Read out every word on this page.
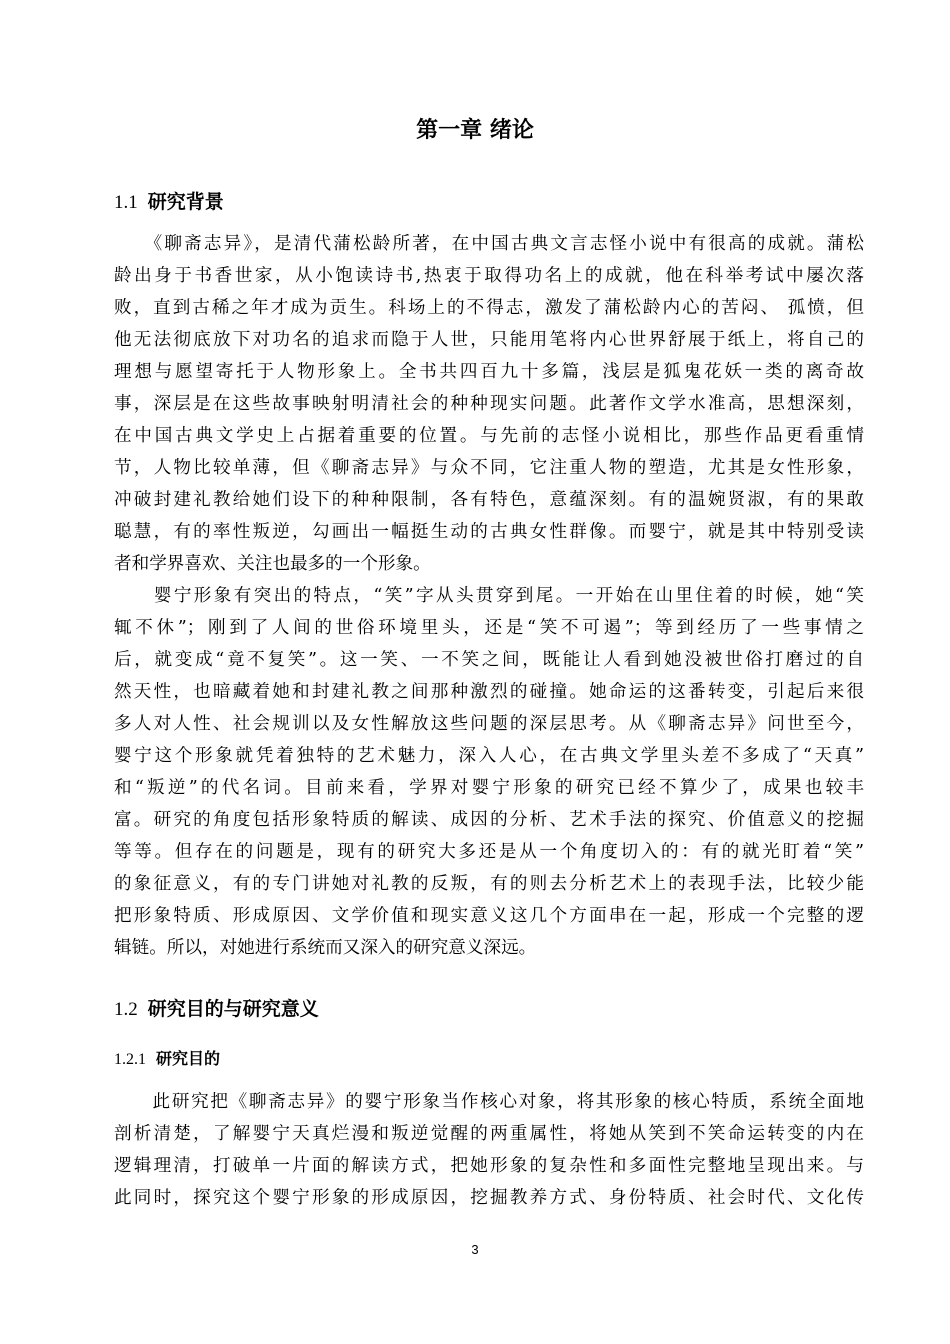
第一章 绪论
1.1 研究背景
　　《聊斋志异》，是清代蒲松龄所著，在中国古典文言志怪小说中有很高的成就。蒲松
龄出身于书香世家，从小饱读诗书,热衷于取得功名上的成就，他在科举考试中屡次落
败，直到古稀之年才成为贡生。科场上的不得志，激发了蒲松龄内心的苦闷、 孤愤，但
他无法彻底放下对功名的追求而隐于人世，只能用笔将内心世界舒展于纸上，将自己的
理想与愿望寄托于人物形象上。全书共四百九十多篇，浅层是狐鬼花妖一类的离奇故
事，深层是在这些故事映射明清社会的种种现实问题。此著作文学水准高，思想深刻，
在中国古典文学史上占据着重要的位置。与先前的志怪小说相比，那些作品更看重情
节，人物比较单薄，但《聊斋志异》与众不同，它注重人物的塑造，尤其是女性形象，
冲破封建礼教给她们设下的种种限制，各有特色，意蕴深刻。有的温婉贤淑，有的果敢
聪慧，有的率性叛逆，勾画出一幅挺生动的古典女性群像。而婴宁，就是其中特别受读
者和学界喜欢、关注也最多的一个形象。
　　婴宁形象有突出的特点，“笑”字从头贯穿到尾。一开始在山里住着的时候，她“笑
辄不休”；刚到了人间的世俗环境里头，还是“笑不可遏”；等到经历了一些事情之
后，就变成“竟不复笑”。这一笑、一不笑之间，既能让人看到她没被世俗打磨过的自
然天性，也暗藏着她和封建礼教之间那种激烈的碰撞。她命运的这番转变，引起后来很
多人对人性、社会规训以及女性解放这些问题的深层思考。从《聊斋志异》问世至今，
婴宁这个形象就凭着独特的艺术魅力，深入人心，在古典文学里头差不多成了“天真”
和“叛逆”的代名词。目前来看，学界对婴宁形象的研究已经不算少了，成果也较丰
富。研究的角度包括形象特质的解读、成因的分析、艺术手法的探究、价值意义的挖掘
等等。但存在的问题是，现有的研究大多还是从一个角度切入的：有的就光盯着“笑”
的象征意义，有的专门讲她对礼教的反叛，有的则去分析艺术上的表现手法，比较少能
把形象特质、形成原因、文学价值和现实意义这几个方面串在一起，形成一个完整的逻
辑链。所以，对她进行系统而又深入的研究意义深远。
1.2 研究目的与研究意义
1.2.1 研究目的
　　此研究把《聊斋志异》的婴宁形象当作核心对象，将其形象的核心特质，系统全面地
剖析清楚，了解婴宁天真烂漫和叛逆觉醒的两重属性，将她从笑到不笑命运转变的内在
逻辑理清，打破单一片面的解读方式，把她形象的复杂性和多面性完整地呈现出来。与
此同时，探究这个婴宁形象的形成原因，挖掘教养方式、身份特质、社会时代、文化传
3
